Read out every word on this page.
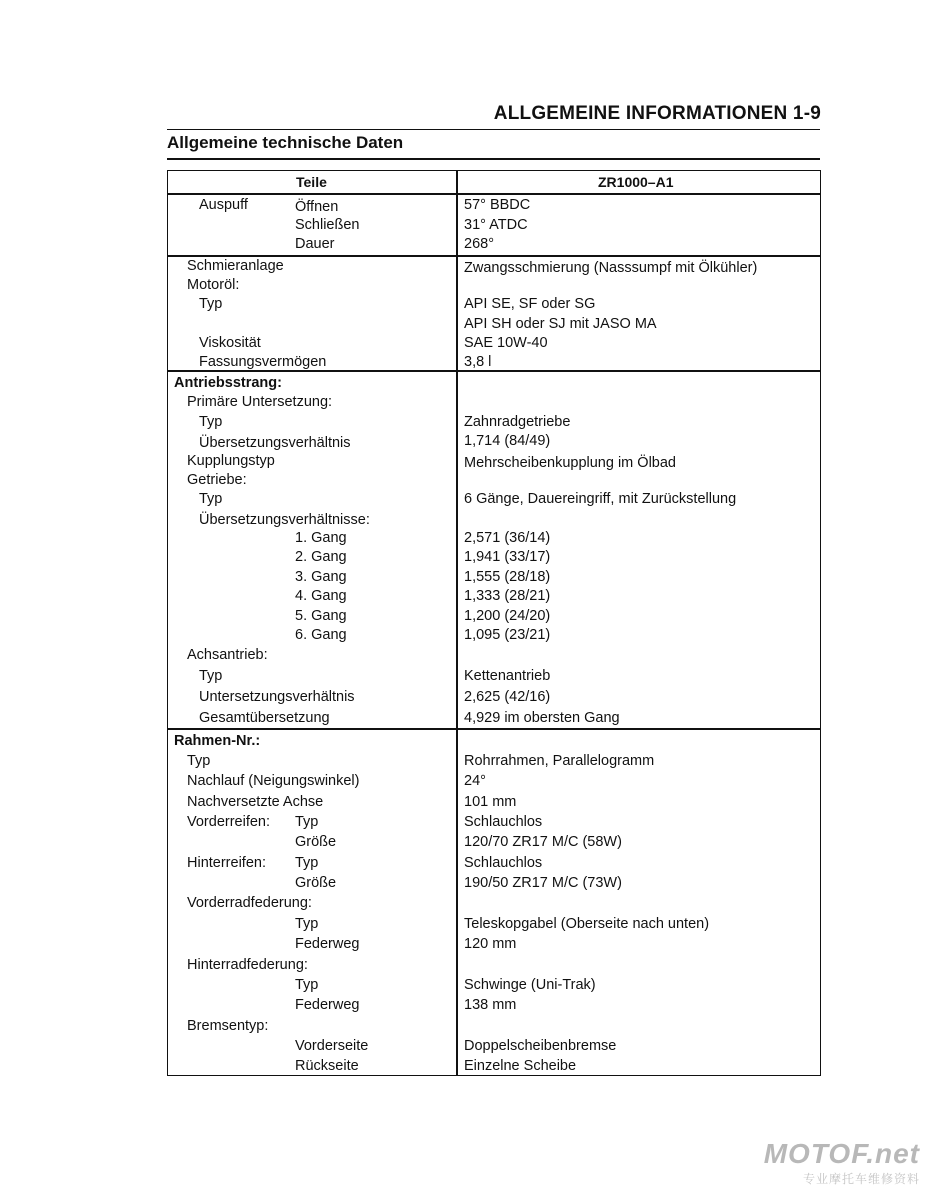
ALLGEMEINE INFORMATIONEN 1-9
Allgemeine technische Daten
Teile	ZR1000–A1
Auspuff	Öffnen	57° BBDC
Schließen	31° ATDC
Dauer	268°
Schmieranlage	Zwangsschmierung (Nasssumpf mit Ölkühler)
Motoröl:
Typ	API SE, SF oder SG
API SH oder SJ mit JASO MA
Viskosität	SAE 10W-40
Fassungsvermögen	3,8 l
Antriebsstrang:
Primäre Untersetzung:
Typ	Zahnradgetriebe
Übersetzungsverhältnis	1,714 (84/49)
Kupplungstyp	Mehrscheibenkupplung im Ölbad
Getriebe:
Typ	6 Gänge, Dauereingriff, mit Zurückstellung
Übersetzungsverhältnisse:
1. Gang	2,571 (36/14)
2. Gang	1,941 (33/17)
3. Gang	1,555 (28/18)
4. Gang	1,333 (28/21)
5. Gang	1,200 (24/20)
6. Gang	1,095 (23/21)
Achsantrieb:
Typ	Kettenantrieb
Untersetzungsverhältnis	2,625 (42/16)
Gesamtübersetzung	4,929 im obersten Gang
Rahmen-Nr.:
Typ	Rohrrahmen, Parallelogramm
Nachlauf (Neigungswinkel)	24°
Nachversetzte Achse	101 mm
Vorderreifen: Typ	Schlauchlos
Größe	120/70 ZR17 M/C (58W)
Hinterreifen: Typ	Schlauchlos
Größe	190/50 ZR17 M/C (73W)
Vorderradfederung:
Typ	Teleskopgabel (Oberseite nach unten)
Federweg	120 mm
Hinterradfederung:
Typ	Schwinge (Uni-Trak)
Federweg	138 mm
Bremsentyp:
Vorderseite	Doppelscheibenbremse
Rückseite	Einzelne Scheibe
MOTOF.net
专业摩托车维修资料
